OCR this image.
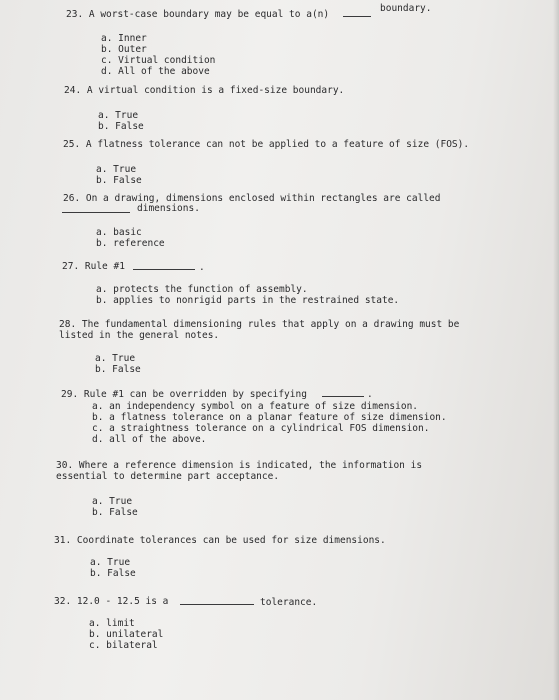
23. A worst-case boundary may be equal to a(n)
boundary.
a. Inner
b. Outer
c. Virtual condition
d. All of the above
24. A virtual condition is a fixed-size boundary.
a. True
b. False
25. A flatness tolerance can not be applied to a feature of size (FOS).
a. True
b. False
26. On a drawing, dimensions enclosed within rectangles are called
dimensions.
a. basic
b. reference
27. Rule #1	.
a. protects the function of assembly.
b. applies to nonrigid parts in the restrained state.
28. The fundamental dimensioning rules that apply on a drawing must be
listed in the general notes.
a. True
b. False
29. Rule #1 can be overridden by specifying	.
a. an independency symbol on a feature of size dimension.
b. a flatness tolerance on a planar feature of size dimension.
c. a straightness tolerance on a cylindrical FOS dimension.
d. all of the above.
30. Where a reference dimension is indicated, the information is
essential to determine part acceptance.
a. True
b. False
31. Coordinate tolerances can be used for size dimensions.
a. True
b. False
32. 12.0 - 12.5 is a	tolerance.
a. limit
b. unilateral
c. bilateral
